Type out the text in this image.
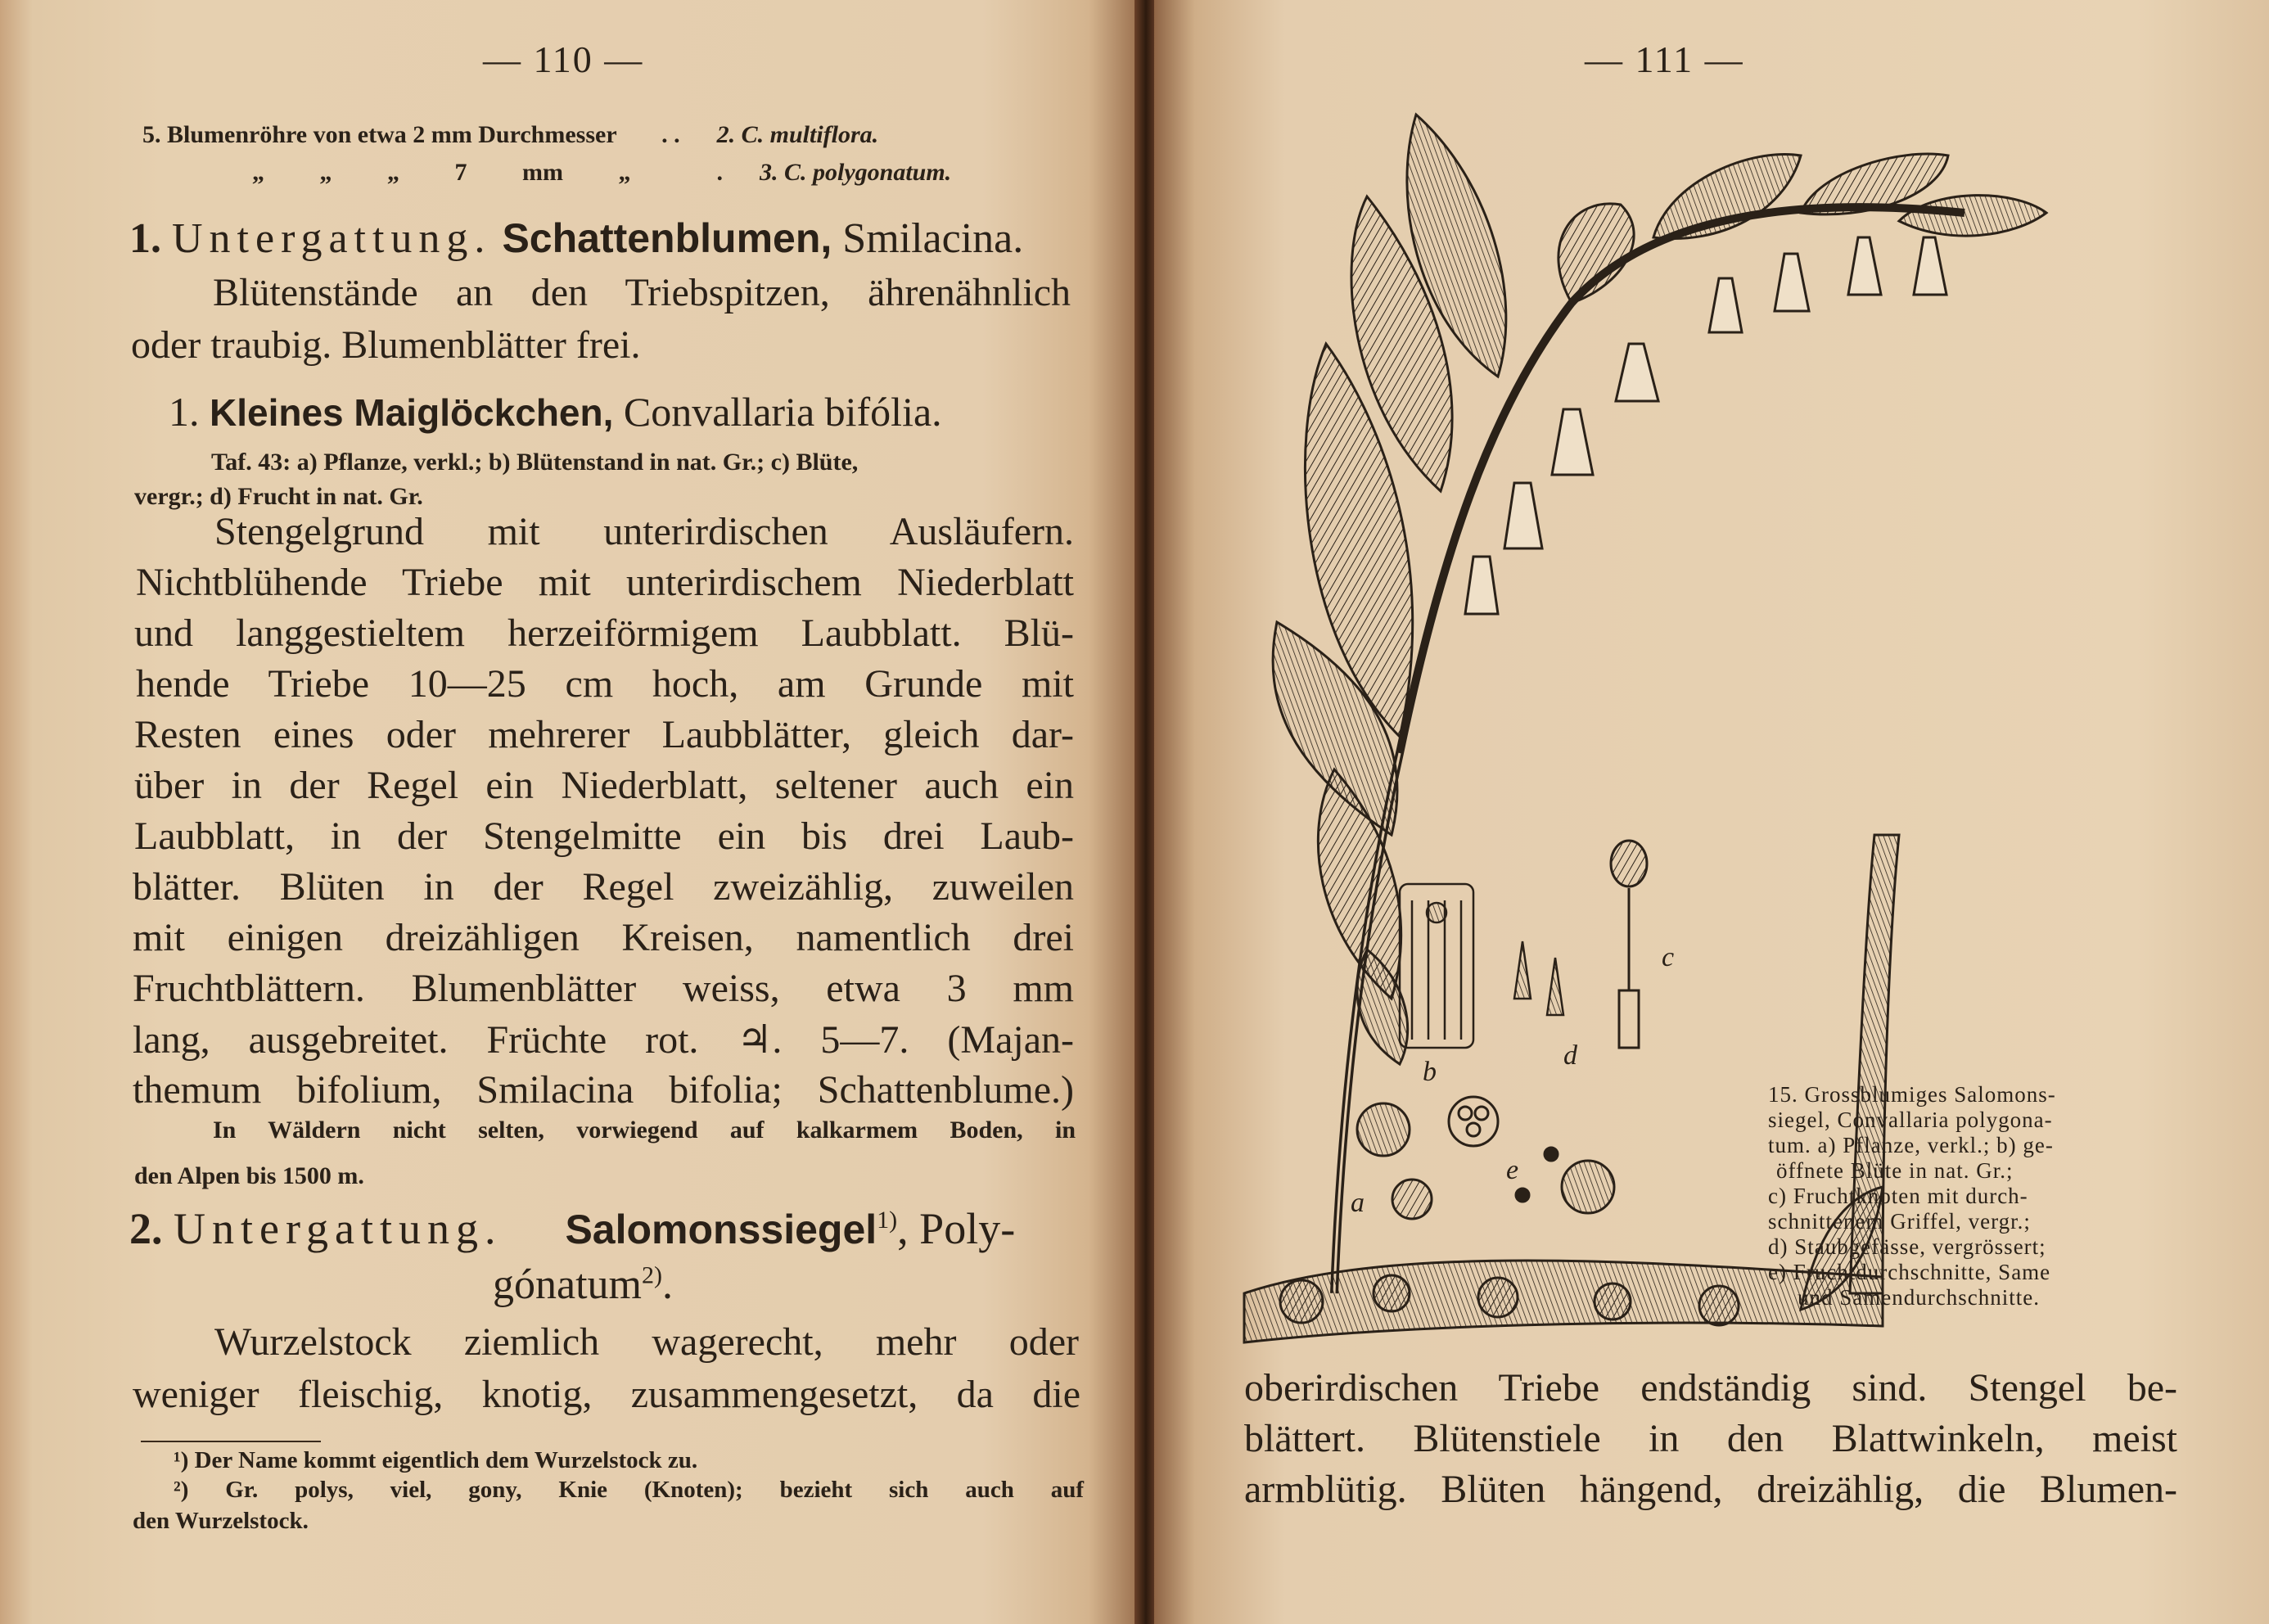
— 110 —
5. Blumenröhre von etwa 2 mm Durchmesser . . 2. C. multiflora.
„ „ „ 7 mm „	. 3. C. polygonatum.
1. Untergattung. Schattenblumen, Smilacina.
Blütenstände an den Triebspitzen, ährenähnlich
oder traubig. Blumenblätter frei.
1. Kleines Maiglöckchen, Convallaria bifólia.
Taf. 43: a) Pflanze, verkl.; b) Blütenstand in nat. Gr.; c) Blüte,
vergr.; d) Frucht in nat. Gr.
Stengelgrund mit unterirdischen Ausläufern.
Nichtblühende Triebe mit unterirdischem Niederblatt
und langgestieltem herzeiförmigem Laubblatt. Blü-
hende Triebe 10—25 cm hoch, am Grunde mit
Resten eines oder mehrerer Laubblätter, gleich dar-
über in der Regel ein Niederblatt, seltener auch ein
Laubblatt, in der Stengelmitte ein bis drei Laub-
blätter. Blüten in der Regel zweizählig, zuweilen
mit einigen dreizähligen Kreisen, namentlich drei
Fruchtblättern. Blumenblätter weiss, etwa 3 mm
lang, ausgebreitet. Früchte rot. ♃. 5—7. (Majan-
themum bifolium, Smilacina bifolia; Schattenblume.)
In Wäldern nicht selten, vorwiegend auf kalkarmem Boden, in
den Alpen bis 1500 m.
2. Untergattung. Salomonssiegel$^{1)}$, Poly-
gónatum$^{2)}$.
Wurzelstock ziemlich wagerecht, mehr oder
weniger fleischig, knotig, zusammengesetzt, da die
¹) Der Name kommt eigentlich dem Wurzelstock zu.
²) Gr. polys, viel, gony, Knie (Knoten); bezieht sich auch auf
den Wurzelstock.
— 111 —
b
d
c
a
e
15. Grossblumiges Salomons-
siegel, Convallaria polygona-
tum. a) Pflanze, verkl.; b) ge-
öffnete Blüte in nat. Gr.;
c) Fruchtknoten mit durch-
schnittenem Griffel, vergr.;
d) Staubgefässe, vergrössert;
e) Fruchtdurchschnitte, Same
und Samendurchschnitte.
oberirdischen Triebe endständig sind. Stengel be-
blättert. Blütenstiele in den Blattwinkeln, meist
armblütig. Blüten hängend, dreizählig, die Blumen-
